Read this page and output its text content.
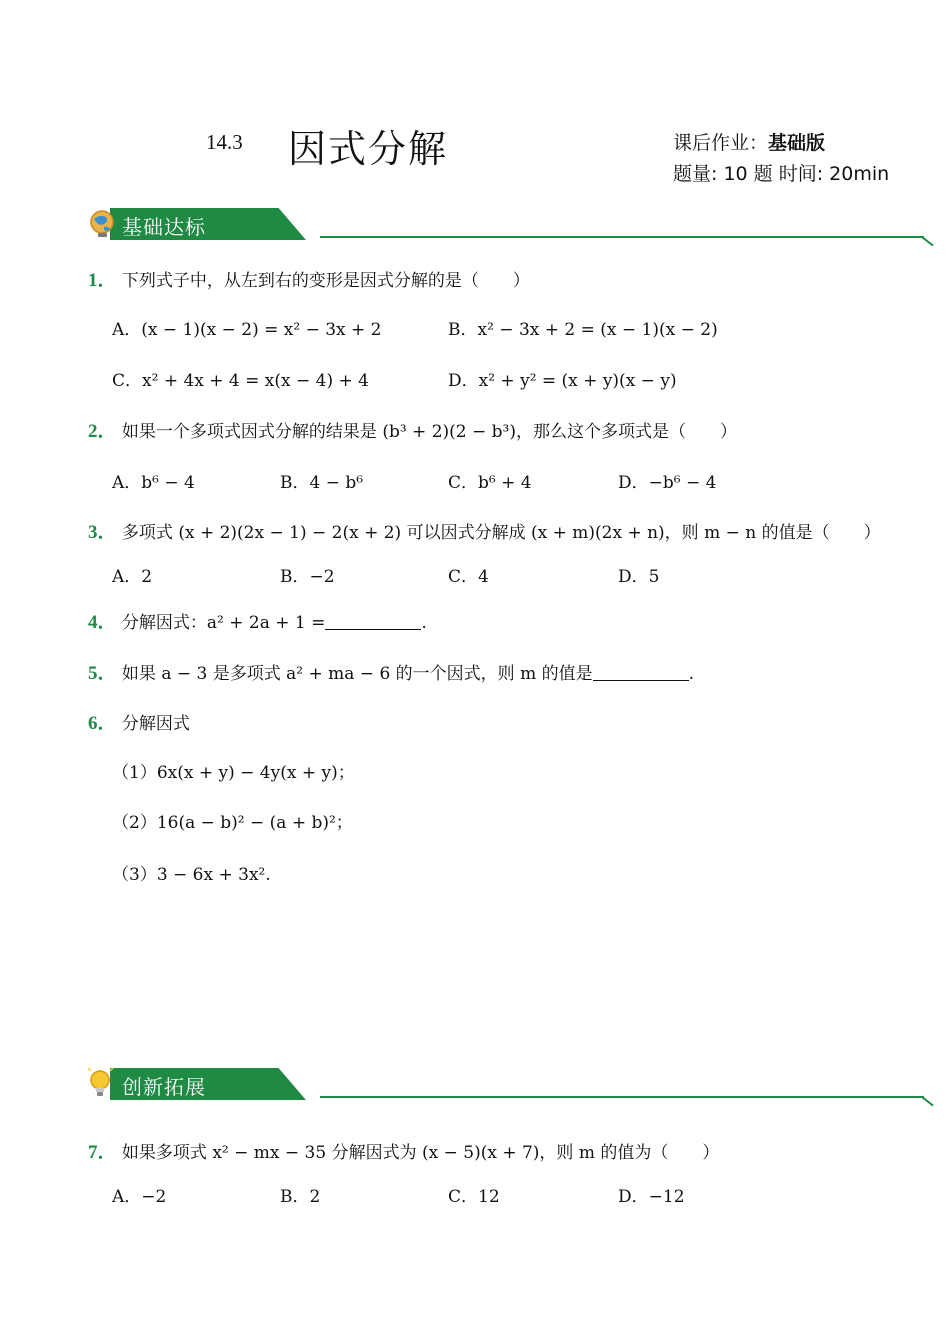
14.3 因式分解	课后作业：基础版
题量: 10 题 时间: 20min
基础达标
1． 下列式子中，从左到右的变形是因式分解的是（　　）
A．(x − 1)(x − 2) = x² − 3x + 2	B．x² − 3x + 2 = (x − 1)(x − 2)
C．x² + 4x + 4 = x(x − 4) + 4	D．x² + y² = (x + y)(x − y)
2． 如果一个多项式因式分解的结果是 (b³ + 2)(2 − b³)，那么这个多项式是（　　）
A．b⁶ − 4	B．4 − b⁶	C．b⁶ + 4	D．−b⁶ − 4
3． 多项式 (x + 2)(2x − 1) − 2(x + 2) 可以因式分解成 (x + m)(2x + n)，则 m − n 的值是（　　）
A．2	B．−2	C．4	D．5
4． 分解因式：a² + 2a + 1 =	.
5． 如果 a − 3 是多项式 a² + ma − 6 的一个因式，则 m 的值是	.
6． 分解因式
（1）6x(x + y) − 4y(x + y)；
（2）16(a − b)² − (a + b)²；
（3）3 − 6x + 3x².
创新拓展
7． 如果多项式 x² − mx − 35 分解因式为 (x − 5)(x + 7)，则 m 的值为（　　）
A．−2	B．2	C．12	D．−12
